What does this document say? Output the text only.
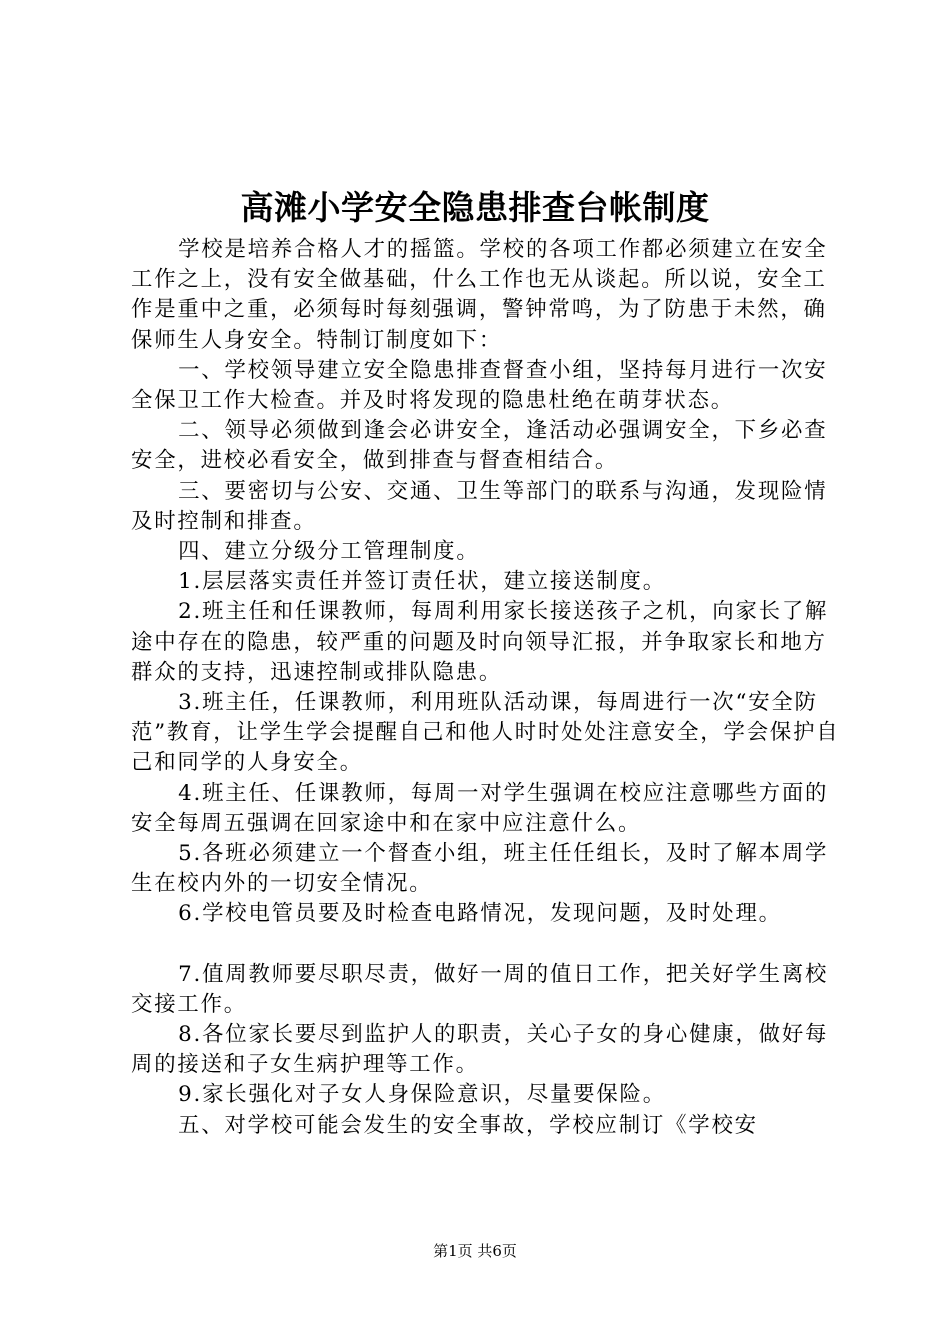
高滩小学安全隐患排查台帐制度

学校是培养合格人才的摇篮。学校的各项工作都必须建立在安全工作之上，没有安全做基础，什么工作也无从谈起。所以说，安全工作是重中之重，必须每时每刻强调，警钟常鸣，为了防患于未然，确保师生人身安全。特制订制度如下：

一、学校领导建立安全隐患排查督查小组，坚持每月进行一次安全保卫工作大检查。并及时将发现的隐患杜绝在萌芽状态。

二、领导必须做到逢会必讲安全，逢活动必强调安全，下乡必查安全，进校必看安全，做到排查与督查相结合。

三、要密切与公安、交通、卫生等部门的联系与沟通，发现险情及时控制和排查。

四、建立分级分工管理制度。

1.层层落实责任并签订责任状，建立接送制度。

2.班主任和任课教师，每周利用家长接送孩子之机，向家长了解途中存在的隐患，较严重的问题及时向领导汇报，并争取家长和地方群众的支持，迅速控制或排队隐患。

3.班主任，任课教师，利用班队活动课，每周进行一次“安全防范”教育，让学生学会提醒自己和他人时时处处注意安全，学会保护自己和同学的人身安全。

4.班主任、任课教师，每周一对学生强调在校应注意哪些方面的安全每周五强调在回家途中和在家中应注意什么。

5.各班必须建立一个督查小组，班主任任组长，及时了解本周学生在校内外的一切安全情况。

6.学校电管员要及时检查电路情况，发现问题，及时处理。

7.值周教师要尽职尽责，做好一周的值日工作，把关好学生离校交接工作。

8.各位家长要尽到监护人的职责，关心子女的身心健康，做好每周的接送和子女生病护理等工作。

9.家长强化对子女人身保险意识，尽量要保险。

五、对学校可能会发生的安全事故，学校应制订《学校安

第1页 共6页
